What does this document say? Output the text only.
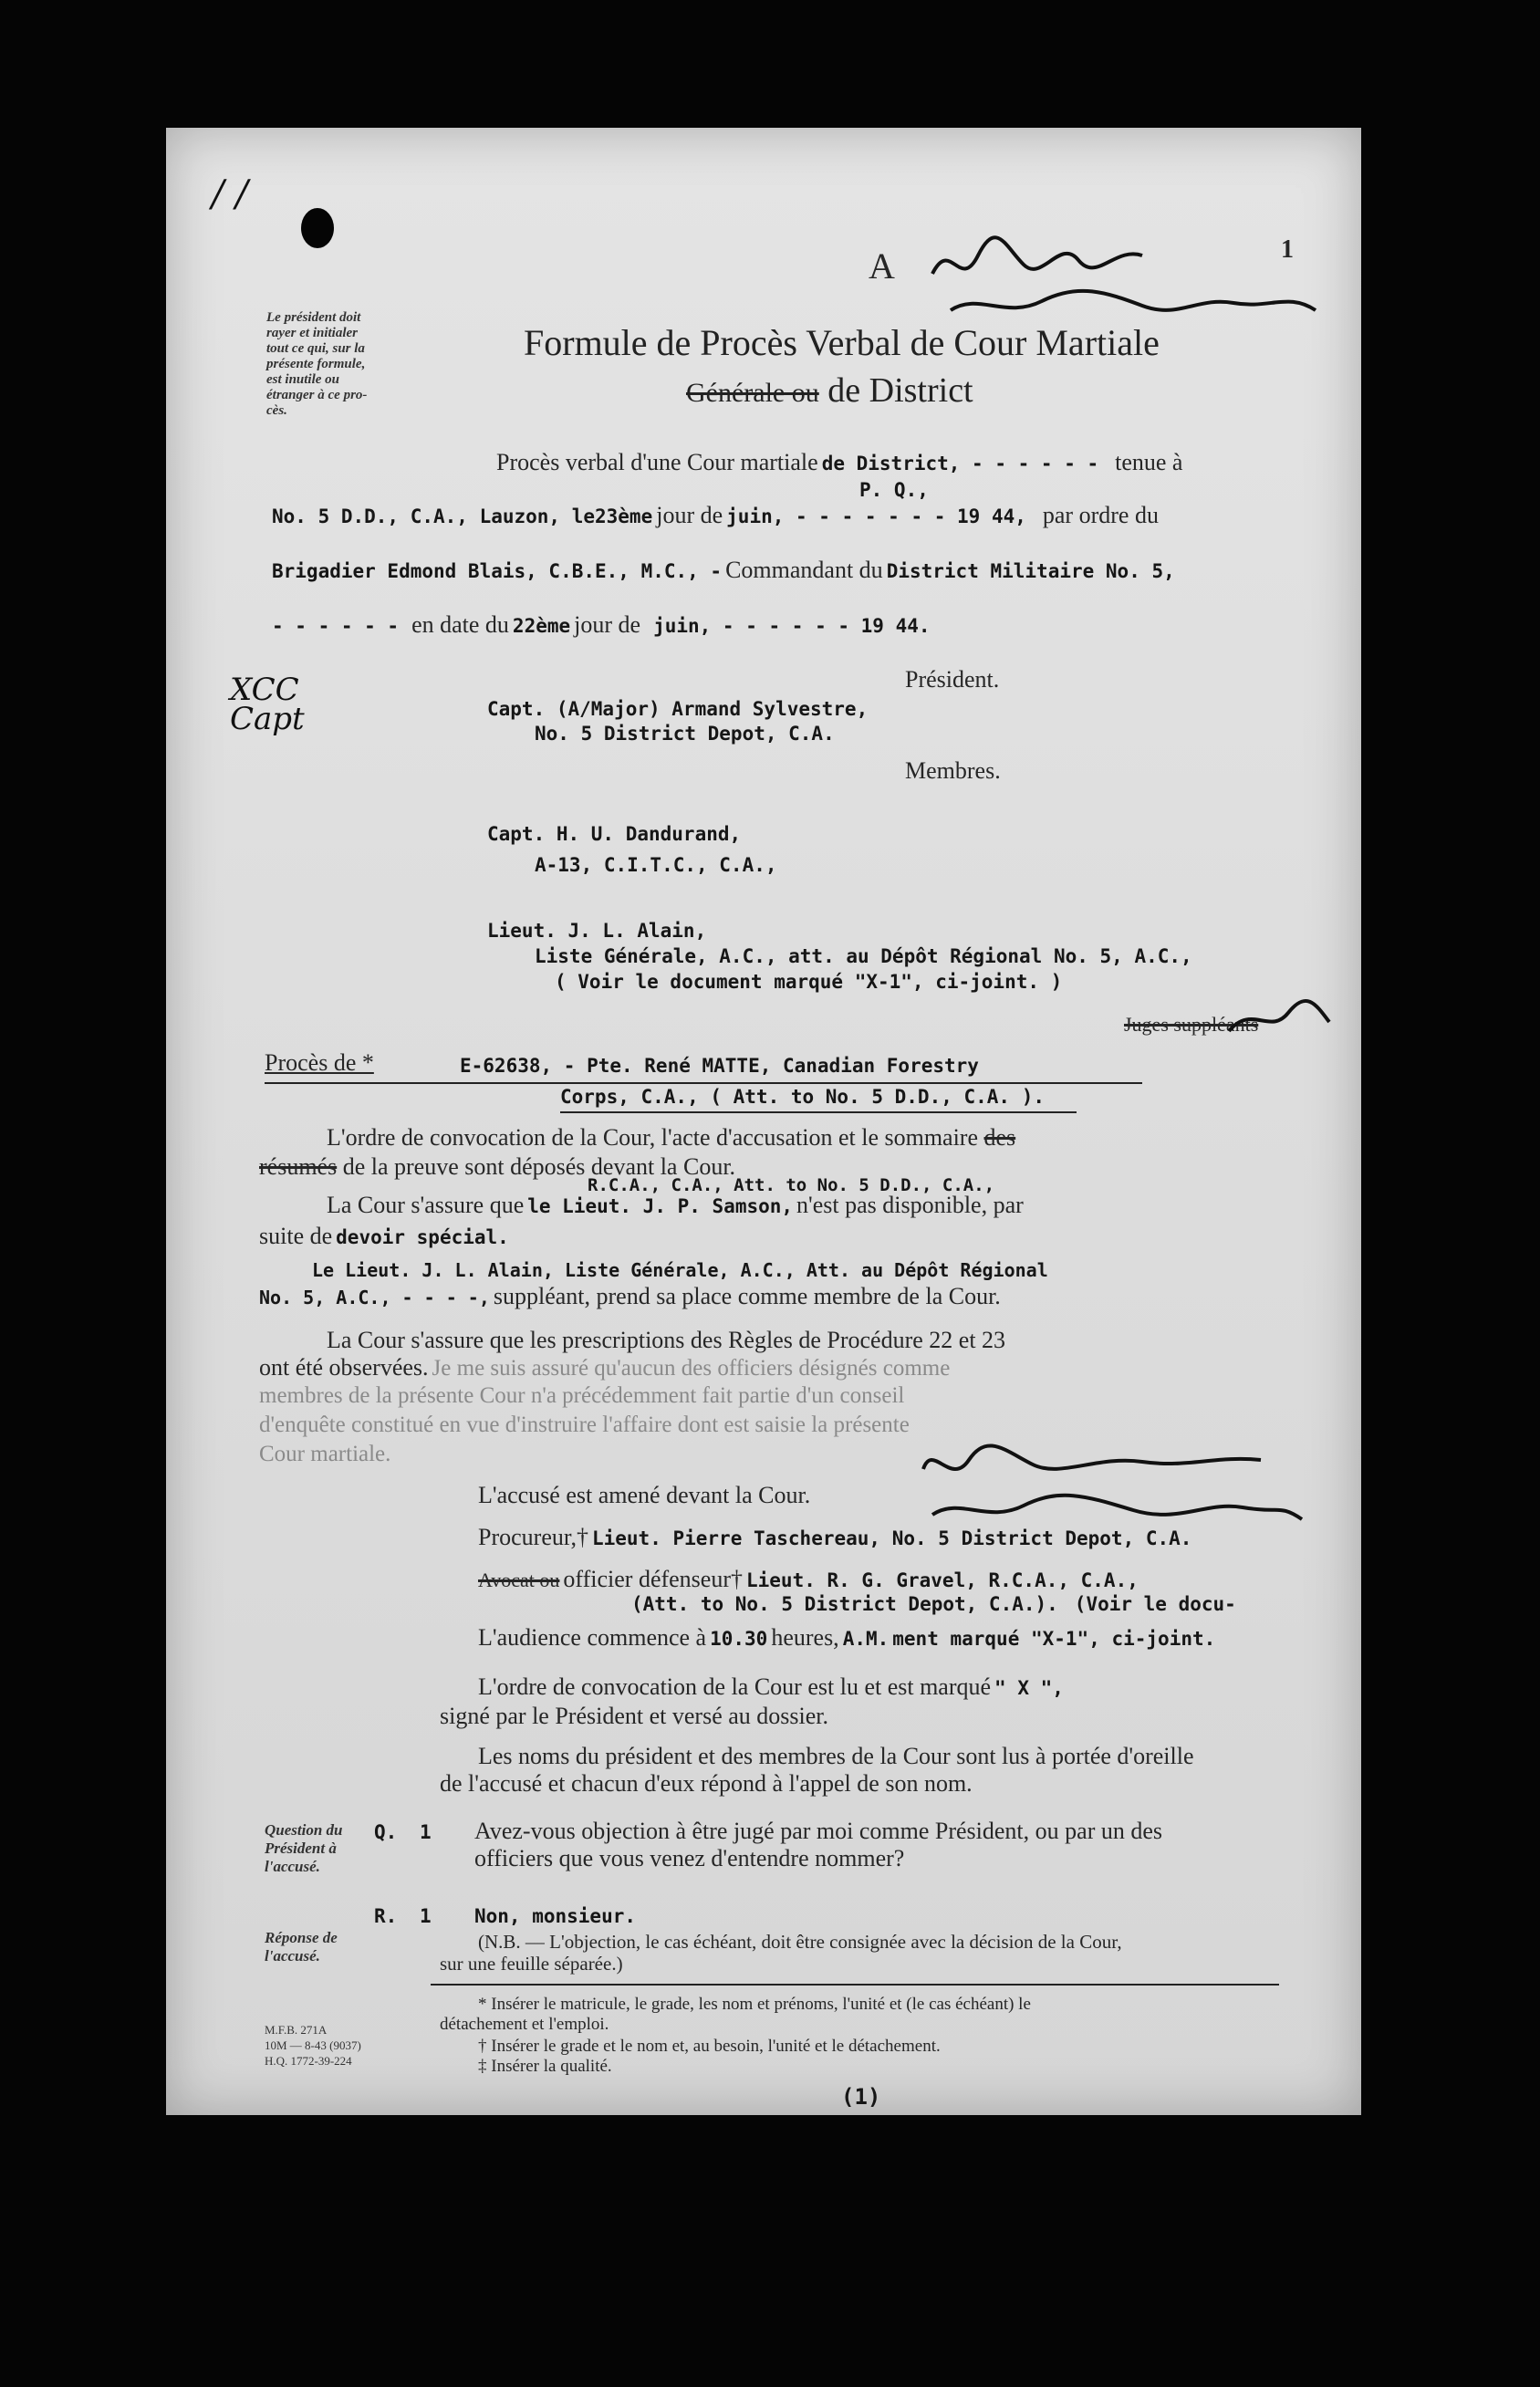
/ /
A	1
Le président doit
rayer et initialer
tout ce qui, sur la
présente formule,
est inutile ou
étranger à ce pro-
cès.
Formule de Procès Verbal de Cour Martiale
Générale ou de District
Procès verbal d'une Cour martiale de District, - - - - - - tenue à
P. Q.,
No. 5 D.D., C.A., Lauzon, le23ème jour de juin, - - - - - - - 19 44, par ordre du
Brigadier Edmond Blais, C.B.E., M.C., - Commandant du District Militaire No. 5,
- - - - - - en date du 22ème jour de juin, - - - - - - 19 44.
Président.
XCC Capt	Capt. (A/Major) Armand Sylvestre,
No. 5 District Depot, C.A.
Membres.
Capt. H. U. Dandurand,
A-13, C.I.T.C., C.A.,
Lieut. J. L. Alain,
Liste Générale, A.C., att. au Dépôt Régional No. 5, A.C.,
( Voir le document marqué "X-1", ci-joint. )
Juges suppléants
Procès de *	E-62638, - Pte. René MATTE, Canadian Forestry
Corps, C.A., ( Att. to No. 5 D.D., C.A. ).
L'ordre de convocation de la Cour, l'acte d'accusation et le sommaire des
résumés de la preuve sont déposés devant la Cour.
R.C.A., C.A., Att. to No. 5 D.D., C.A.,
La Cour s'assure que le Lieut. J. P. Samson, n'est pas disponible, par
suite de devoir spécial.
Le Lieut. J. L. Alain, Liste Générale, A.C., Att. au Dépôt Régional
No. 5, A.C., - - - -, suppléant, prend sa place comme membre de la Cour.
La Cour s'assure que les prescriptions des Règles de Procédure 22 et 23
ont été observées. Je me suis assuré qu'aucun des officiers désignés comme
membres de la présente Cour n'a précédemment fait partie d'un conseil
d'enquête constitué en vue d'instruire l'affaire dont est saisie la présente
Cour martiale.
L'accusé est amené devant la Cour.
Procureur,† Lieut. Pierre Taschereau, No. 5 District Depot, C.A.
Avocat ou officier défenseur† Lieut. R. G. Gravel, R.C.A., C.A.,
(Att. to No. 5 District Depot, C.A.). (Voir le docu-
L'audience commence à 10.30 heures, A.M. ment marqué "X-1", ci-joint.
L'ordre de convocation de la Cour est lu et est marqué " X ",
signé par le Président et versé au dossier.
Les noms du président et des membres de la Cour sont lus à portée d'oreille
de l'accusé et chacun d'eux répond à l'appel de son nom.
Question du
Président à
l'accusé.
Q. 1 Avez-vous objection à être jugé par moi comme Président, ou par un des
officiers que vous venez d'entendre nommer?
R. 1 Non, monsieur.
Réponse de
l'accusé.
(N.B. — L'objection, le cas échéant, doit être consignée avec la décision de la Cour,
sur une feuille séparée.)
* Insérer le matricule, le grade, les nom et prénoms, l'unité et (le cas échéant) le
détachement et l'emploi.
† Insérer le grade et le nom et, au besoin, l'unité et le détachement.
‡ Insérer la qualité.
M.F.B. 271A
10M — 8-43 (9037)
H.Q. 1772-39-224
(1)
